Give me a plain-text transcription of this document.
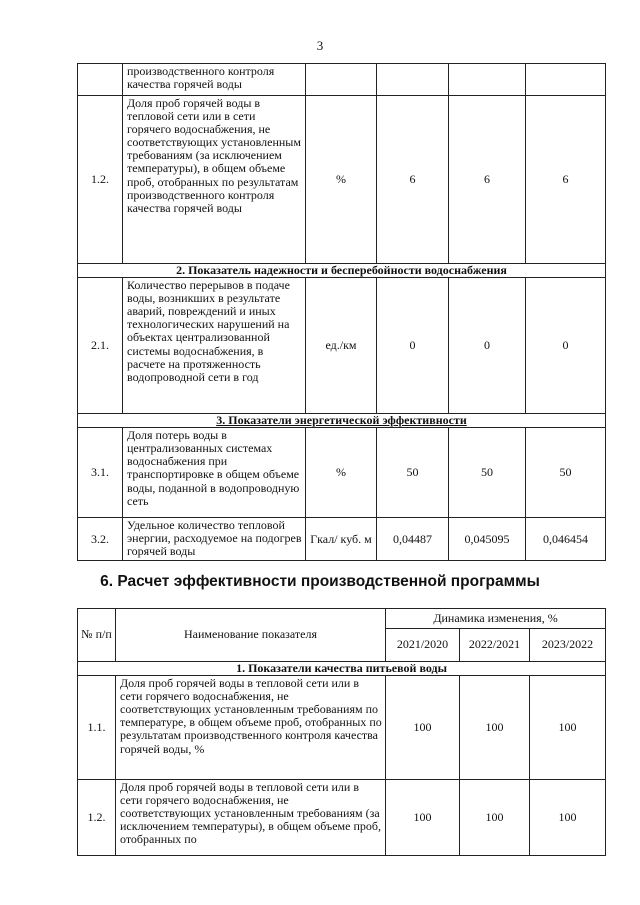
3
	производственного контроля качества горячей воды				
1.2.	Доля проб горячей воды в тепловой сети или в сети горячего водоснабжения, не соответствующих установленным требованиям (за исключением температуры), в общем объеме проб, отобранных по результатам производственного контроля качества горячей воды	%	6	6	6
2. Показатель надежности и бесперебойности водоснабжения					
2.1.	Количество перерывов в подаче воды, возникших в результате аварий, повреждений и иных технологических нарушений на объектах централизованной системы водоснабжения, в расчете на протяженность водопроводной сети в год	ед./км	0	0	0
3. Показатели энергетической эффективности					
3.1.	Доля потерь воды в централизованных системах водоснабжения при транспортировке в общем объеме воды, поданной в водопроводную сеть	%	50	50	50
3.2.	Удельное количество тепловой энергии, расходуемое на подогрев горячей воды	Гкал/ куб. м	0,04487	0,045095	0,046454
6. Расчет эффективности производственной программы
№ п/п	Наименование показателя	Динамика изменения, %		
		2021/2020	2022/2021	2023/2022
1. Показатели качества питьевой воды				
1.1.	Доля проб горячей воды в тепловой сети или в сети горячего водоснабжения, не соответствующих установленным требованиям по температуре, в общем объеме проб, отобранных по результатам производственного контроля качества горячей воды, %	100	100	100
1.2.	Доля проб горячей воды в тепловой сети или в сети горячего водоснабжения, не соответствующих установленным требованиям (за исключением температуры), в общем объеме проб, отобранных по	100	100	100
